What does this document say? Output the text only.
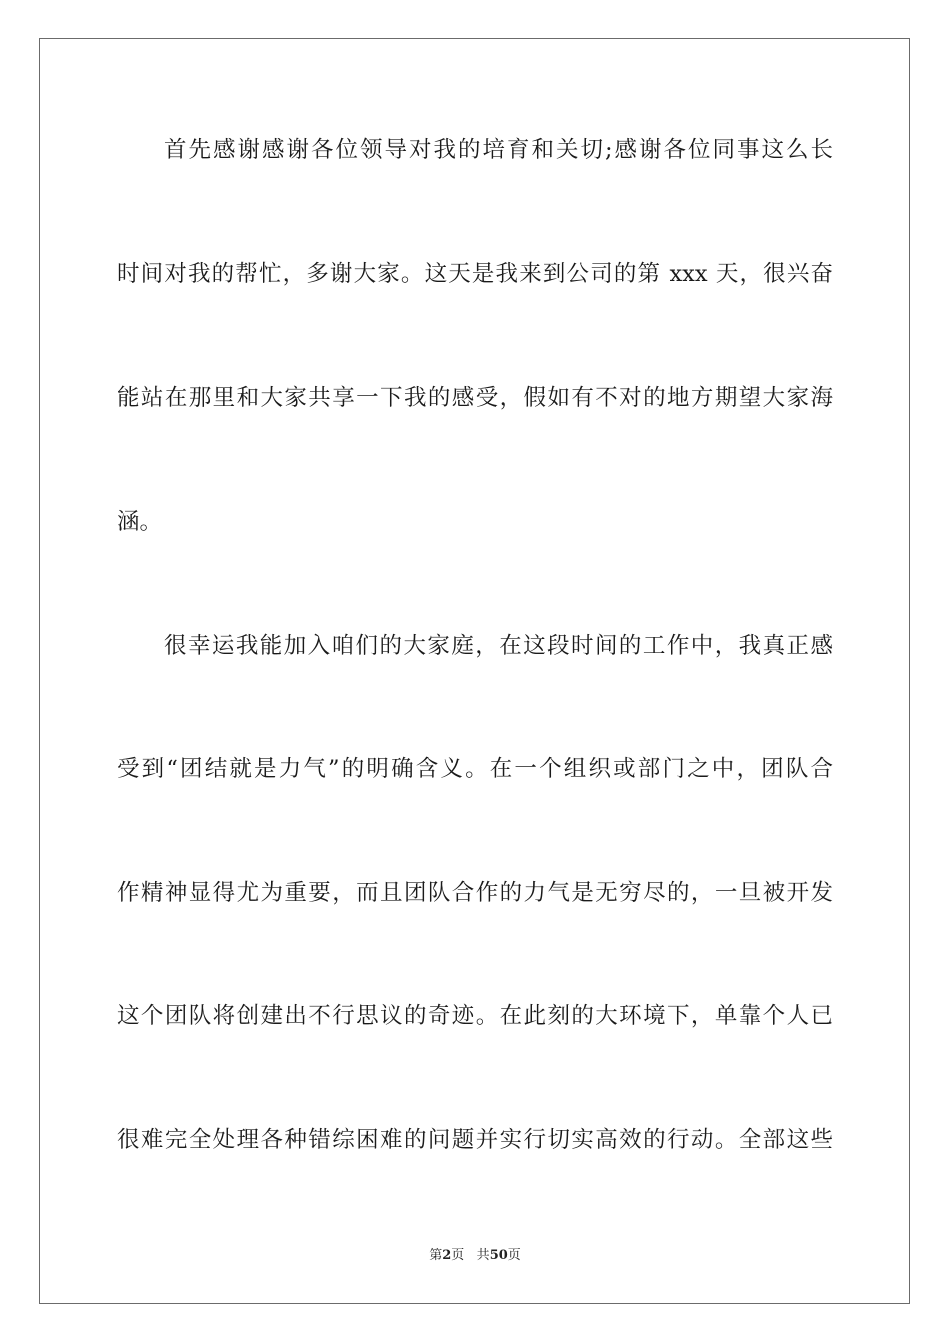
首先感谢感谢各位领导对我的培育和关切;感谢各位同事这么长
时间对我的帮忙，多谢大家。这天是我来到公司的第 xxx 天，很兴奋
能站在那里和大家共享一下我的感受，假如有不对的地方期望大家海
涵。
很幸运我能加入咱们的大家庭，在这段时间的工作中，我真正感
受到“团结就是力气”的明确含义。在一个组织或部门之中，团队合
作精神显得尤为重要，而且团队合作的力气是无穷尽的，一旦被开发
这个团队将创建出不行思议的奇迹。在此刻的大环境下，单靠个人已
很难完全处理各种错综困难的问题并实行切实高效的行动。全部这些
第2页 共50页
